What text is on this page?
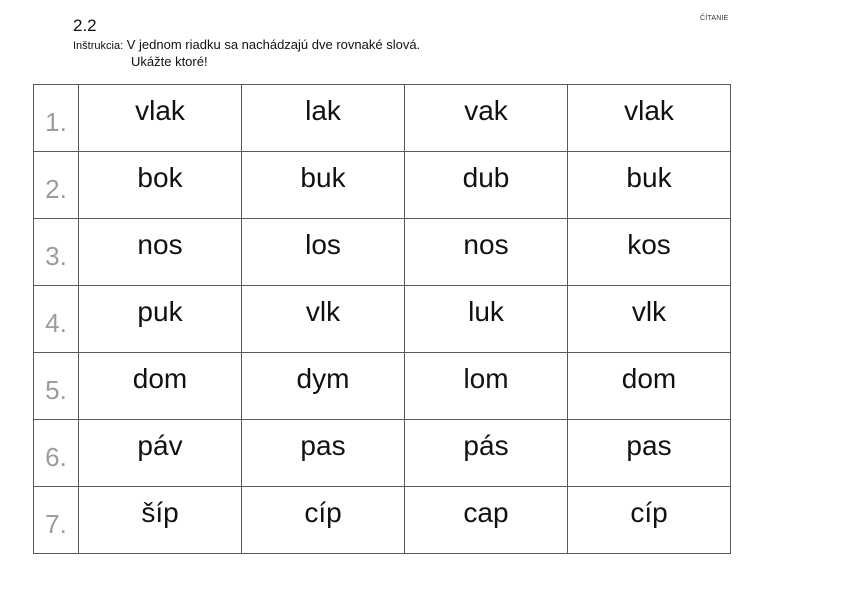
2.2	ČÍTANIE
Inštrukcia: V jednom riadku sa nachádzajú dve rovnaké slová.
Ukážte ktoré!
1.	vlak	lak	vak	vlak
2.	bok	buk	dub	buk
3.	nos	los	nos	kos
4.	puk	vlk	luk	vlk
5.	dom	dym	lom	dom
6.	páv	pas	pás	pas
7.	šíp	cíp	cap	cíp
